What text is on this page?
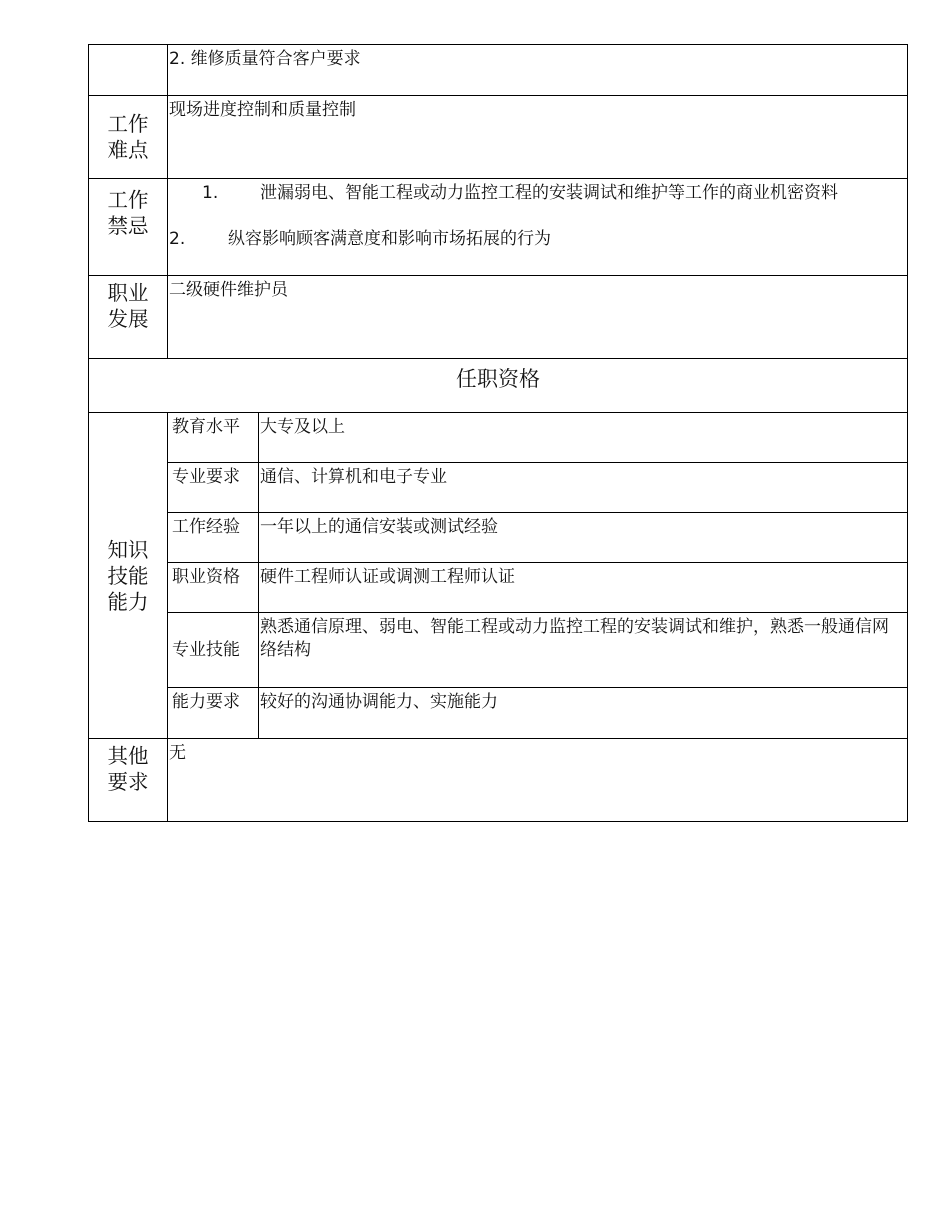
	2. 维修质量符合客户要求	

工作
难点	现场进度控制和质量控制	

工作
禁忌	1. 泄漏弱电、智能工程或动力监控工程的安装调试和维护等工作的商业机密资料
2. 纵容影响顾客满意度和影响市场拓展的行为	

职业
发展	二级硬件维护员	
任职资格		

知识
技能
能力	教育水平	大专及以上
	专业要求	通信、计算机和电子专业
	工作经验	一年以上的通信安装或测试经验
	职业资格	硬件工程师认证或调测工程师认证
	专业技能	熟悉通信原理、弱电、智能工程或动力监控工程的安装调试和维护，熟悉一般通信网络结构
	能力要求	较好的沟通协调能力、实施能力

其他
要求	无	
